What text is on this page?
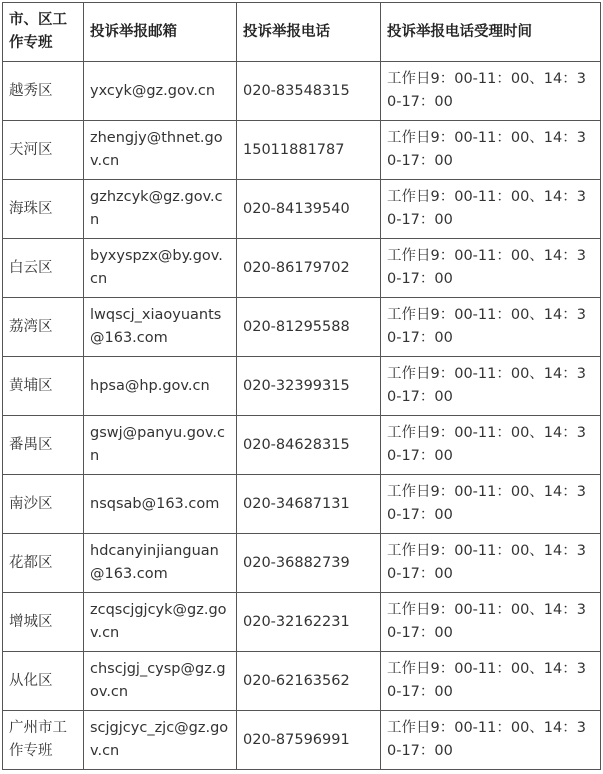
市、区工作专班	投诉举报邮箱	投诉举报电话	投诉举报电话受理时间
越秀区	yxcyk@gz.gov.cn	020-83548315	工作日9：00-11：00、14：30-17：00
天河区	zhengjy@thnet.gov.cn	15011881787	工作日9：00-11：00、14：30-17：00
海珠区	gzhzcyk@gz.gov.cn	020-84139540	工作日9：00-11：00、14：30-17：00
白云区	byxyspzx@by.gov.cn	020-86179702	工作日9：00-11：00、14：30-17：00
荔湾区	lwqscj_xiaoyuants@163.com	020-81295588	工作日9：00-11：00、14：30-17：00
黄埔区	hpsa@hp.gov.cn	020-32399315	工作日9：00-11：00、14：30-17：00
番禺区	gswj@panyu.gov.cn	020-84628315	工作日9：00-11：00、14：30-17：00
南沙区	nsqsab@163.com	020-34687131	工作日9：00-11：00、14：30-17：00
花都区	hdcanyinjianguan@163.com	020-36882739	工作日9：00-11：00、14：30-17：00
增城区	zcqscjgjcyk@gz.gov.cn	020-32162231	工作日9：00-11：00、14：30-17：00
从化区	chscjgj_cysp@gz.gov.cn	020-62163562	工作日9：00-11：00、14：30-17：00
广州市工作专班	scjgjcyc_zjc@gz.gov.cn	020-87596991	工作日9：00-11：00、14：30-17：00
